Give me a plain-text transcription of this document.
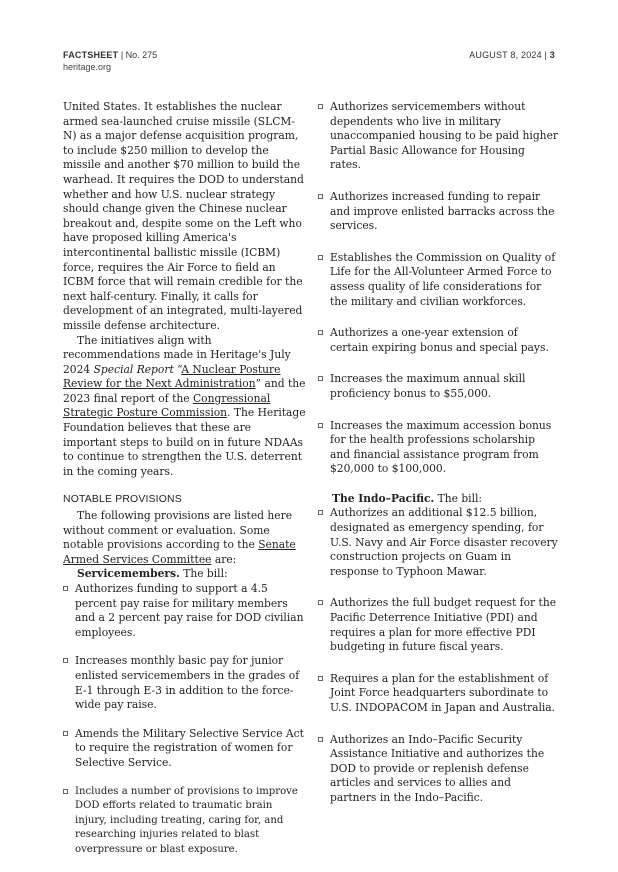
FACTSHEET | No. 275
heritage.org
AUGUST 8, 2024 | 3

United States. It establishes the nuclear armed sea-launched cruise missile (SLCM-N) as a major defense acquisition program, to include $250 million to develop the missile and another $70 million to build the warhead. It requires the DOD to understand whether and how U.S. nuclear strategy should change given the Chinese nuclear breakout and, despite some on the Left who have proposed killing America's intercontinental ballistic missile (ICBM) force, requires the Air Force to field an ICBM force that will remain credible for the next half-century. Finally, it calls for development of an integrated, multi-layered missile defense architecture.

The initiatives align with recommendations made in Heritage's July 2024 Special Report “A Nuclear Posture Review for the Next Administration” and the 2023 final report of the Congressional Strategic Posture Commission. The Heritage Foundation believes that these are important steps to build on in future NDAAs to continue to strengthen the U.S. deterrent in the coming years.

NOTABLE PROVISIONS

The following provisions are listed here without comment or evaluation. Some notable provisions according to the Senate Armed Services Committee are:

Servicemembers. The bill:

Authorizes funding to support a 4.5 percent pay raise for military members and a 2 percent pay raise for DOD civilian employees.
Increases monthly basic pay for junior enlisted servicemembers in the grades of E-1 through E-3 in addition to the force-wide pay raise.
Amends the Military Selective Service Act to require the registration of women for Selective Service.
Includes a number of provisions to improve DOD efforts related to traumatic brain injury, including treating, caring for, and researching injuries related to blast overpressure or blast exposure.
Authorizes servicemembers without dependents who live in military unaccompanied housing to be paid higher Partial Basic Allowance for Housing rates.
Authorizes increased funding to repair and improve enlisted barracks across the services.
Establishes the Commission on Quality of Life for the All-Volunteer Armed Force to assess quality of life considerations for the military and civilian workforces.
Authorizes a one-year extension of certain expiring bonus and special pays.
Increases the maximum annual skill proficiency bonus to $55,000.
Increases the maximum accession bonus for the health professions scholarship and financial assistance program from $20,000 to $100,000.

The Indo–Pacific. The bill:

Authorizes an additional $12.5 billion, designated as emergency spending, for U.S. Navy and Air Force disaster recovery construction projects on Guam in response to Typhoon Mawar.
Authorizes the full budget request for the Pacific Deterrence Initiative (PDI) and requires a plan for more effective PDI budgeting in future fiscal years.
Requires a plan for the establishment of Joint Force headquarters subordinate to U.S. INDOPACOM in Japan and Australia.
Authorizes an Indo–Pacific Security Assistance Initiative and authorizes the DOD to provide or replenish defense articles and services to allies and partners in the Indo–Pacific.
